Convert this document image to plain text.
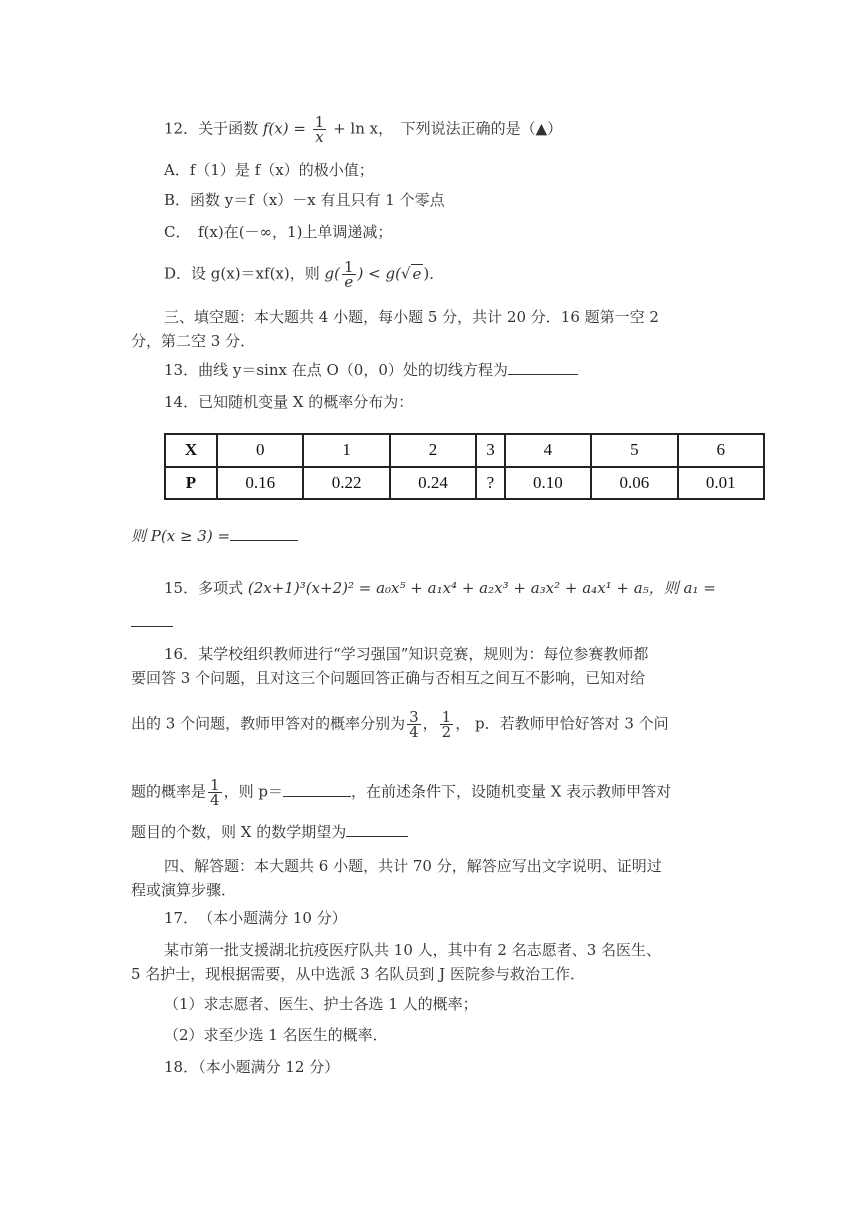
12．关于函数 $f(x) = \frac{1}{x} + \ln x$，　下列说法正确的是（▲）
A．f（1）是 f（x）的极小值；
B．函数 y＝f（x）－x 有且只有 1 个零点
C．　f(x)在(－∞，1)上单调递减；
D．设 g(x)＝xf(x)，则 $g( \frac{1}{e}$ ) < g(√ e )．
三、填空题：本大题共 4 小题，每小题 5 分，共计 20 分．16 题第一空 2
分，第二空 3 分．
13．曲线 y＝sinx 在点 O（0，0）处的切线方程为
14．已知随机变量 X 的概率分布为：
X	0	1	2	3	4	5	6
P	0.16	0.22	0.24	?	0.10	0.06	0.01
则 P(x ≥ 3) =
15．多项式 (2x+1)³(x+2)² = a₀x⁵ + a₁x⁴ + a₂x³ + a₃x² + a₄x¹ + a₅，则 a₁ =
16．某学校组织教师进行“学习强国”知识竞赛，规则为：每位参赛教师都
要回答 3 个问题，且对这三个问题回答正确与否相互之间互不影响，已知对给
出的 3 个问题，教师甲答对的概率分别为 $\frac{3}{4}$ ， $\frac{1}{2}$ ， p．若教师甲恰好答对 3 个问
题的概率是 $\frac{1}{4}$ ，则 p＝	，在前述条件下，设随机变量 X 表示教师甲答对
题目的个数，则 X 的数学期望为
四、解答题：本大题共 6 小题，共计 70 分，解答应写出文字说明、证明过
程或演算步骤．
17．　（本小题满分 10 分）
某市第一批支援湖北抗疫医疗队共 10 人，其中有 2 名志愿者、3 名医生、
5 名护士，现根据需要，从中选派 3 名队员到 J 医院参与救治工作．
（1）求志愿者、医生、护士各选 1 人的概率；
（2）求至少选 1 名医生的概率．
18．（本小题满分 12 分）
